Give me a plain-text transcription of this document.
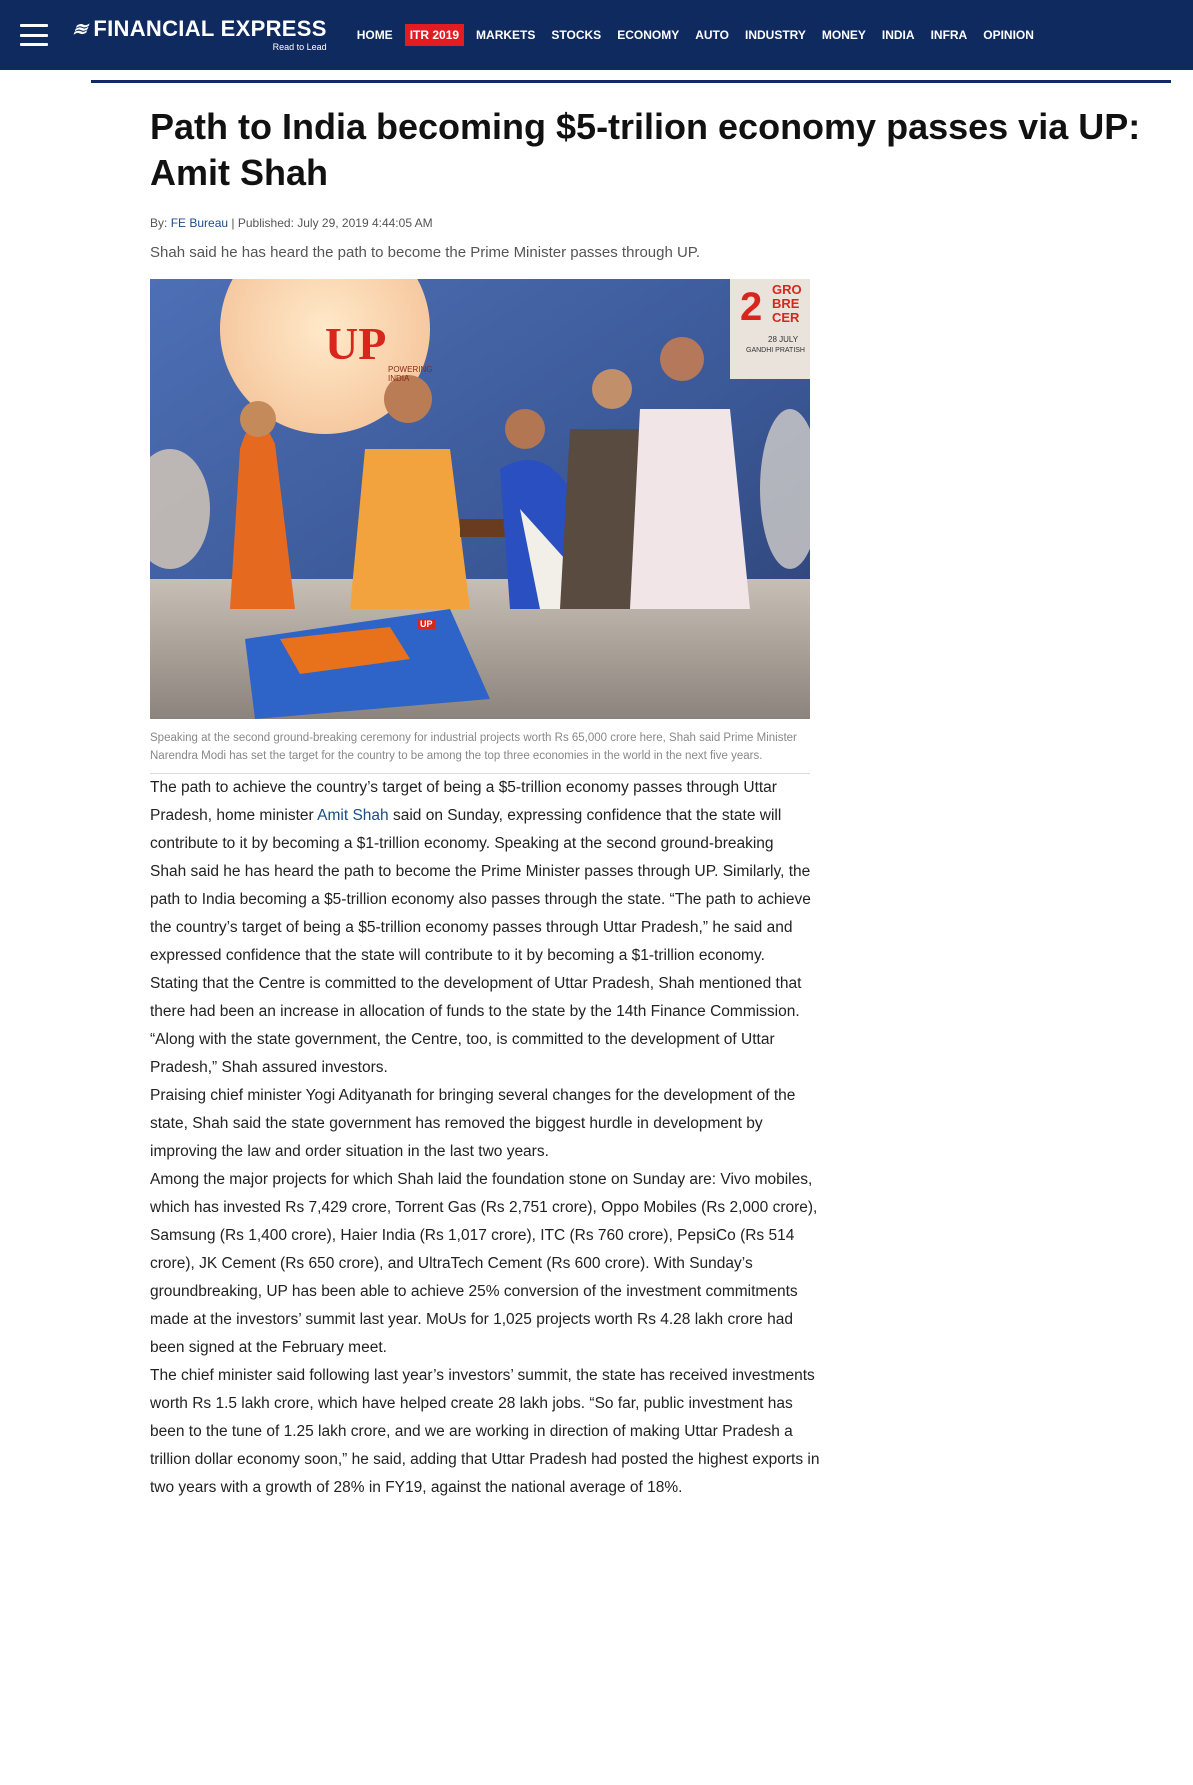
≋ FINANCIAL EXPRESS
Read to Lead
HOME	ITR 2019	MARKETS STOCKS ECONOMY AUTO INDUSTRY MONEY INDIA INFRA OPINION
Path to India becoming $5-trilion economy passes via UP: Amit Shah
By: FE Bureau | Published: July 29, 2019 4:44:05 AM

Shah said he has heard the path to become the Prime Minister passes through UP.

UP
POWERING INDIA
2 GRO
BRE
CER
28 JULY
GANDHI PRATISH
UP
Speaking at the second ground-breaking ceremony for industrial projects worth Rs 65,000 crore here, Shah said Prime Minister Narendra Modi has set the target for the country to be among the top three economies in the world in the next five years.

The path to achieve the country’s target of being a $5-trillion economy passes through Uttar Pradesh, home minister Amit Shah said on Sunday, expressing confidence that the state will contribute to it by becoming a $1-trillion economy. Speaking at the second ground-breaking

Shah said he has heard the path to become the Prime Minister passes through UP. Similarly, the path to India becoming a $5-trillion economy also passes through the state. “The path to achieve the country’s target of being a $5-trillion economy passes through Uttar Pradesh,” he said and expressed confidence that the state will contribute to it by becoming a $1-trillion economy.

Stating that the Centre is committed to the development of Uttar Pradesh, Shah mentioned that there had been an increase in allocation of funds to the state by the 14th Finance Commission. “Along with the state government, the Centre, too, is committed to the development of Uttar Pradesh,” Shah assured investors.

Praising chief minister Yogi Adityanath for bringing several changes for the development of the state, Shah said the state government has removed the biggest hurdle in development by improving the law and order situation in the last two years.

Among the major projects for which Shah laid the foundation stone on Sunday are: Vivo mobiles, which has invested Rs 7,429 crore, Torrent Gas (Rs 2,751 crore), Oppo Mobiles (Rs 2,000 crore), Samsung (Rs 1,400 crore), Haier India (Rs 1,017 crore), ITC (Rs 760 crore), PepsiCo (Rs 514 crore), JK Cement (Rs 650 crore), and UltraTech Cement (Rs 600 crore). With Sunday’s groundbreaking, UP has been able to achieve 25% conversion of the investment commitments made at the investors’ summit last year. MoUs for 1,025 projects worth Rs 4.28 lakh crore had been signed at the February meet.

The chief minister said following last year’s investors’ summit, the state has received investments worth Rs 1.5 lakh crore, which have helped create 28 lakh jobs. “So far, public investment has been to the tune of 1.25 lakh crore, and we are working in direction of making Uttar Pradesh a trillion dollar economy soon,” he said, adding that Uttar Pradesh had posted the highest exports in two years with a growth of 28% in FY19, against the national average of 18%.
